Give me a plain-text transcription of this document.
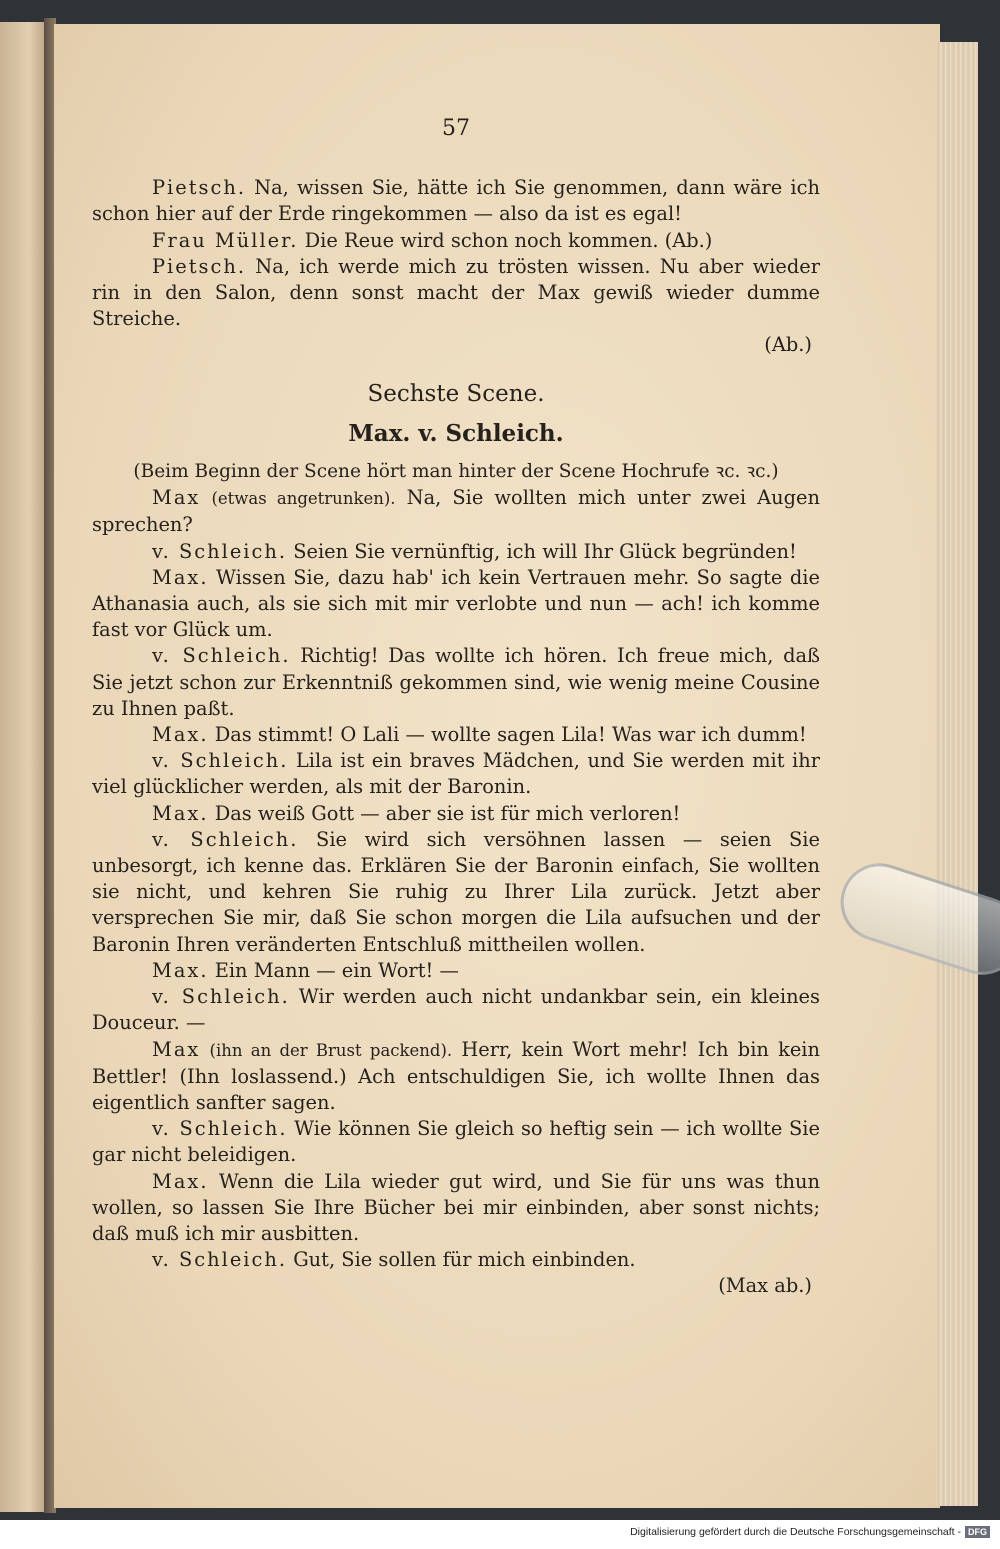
57

Pietsch. Na, wissen Sie, hätte ich Sie genommen, dann wäre ich schon hier auf der Erde ringekommen — also da ist es egal!

Frau Müller. Die Reue wird schon noch kommen. (Ab.)

Pietsch. Na, ich werde mich zu trösten wissen. Nu aber wieder rin in den Salon, denn sonst macht der Max gewiß wieder dumme Streiche.

(Ab.)

Sechste Scene.
Max. v. Schleich.

(Beim Beginn der Scene hört man hinter der Scene Hochrufe ꝛc. ꝛc.)

Max (etwas angetrunken). Na, Sie wollten mich unter zwei Augen sprechen?

v. Schleich. Seien Sie vernünftig, ich will Ihr Glück begründen!

Max. Wissen Sie, dazu hab' ich kein Vertrauen mehr. So sagte die Athanasia auch, als sie sich mit mir verlobte und nun — ach! ich komme fast vor Glück um.

v. Schleich. Richtig! Das wollte ich hören. Ich freue mich, daß Sie jetzt schon zur Erkenntniß gekommen sind, wie wenig meine Cousine zu Ihnen paßt.

Max. Das stimmt! O Lali — wollte sagen Lila! Was war ich dumm!

v. Schleich. Lila ist ein braves Mädchen, und Sie werden mit ihr viel glücklicher werden, als mit der Baronin.

Max. Das weiß Gott — aber sie ist für mich verloren!

v. Schleich. Sie wird sich versöhnen lassen — seien Sie unbesorgt, ich kenne das. Erklären Sie der Baronin einfach, Sie wollten sie nicht, und kehren Sie ruhig zu Ihrer Lila zurück. Jetzt aber versprechen Sie mir, daß Sie schon morgen die Lila aufsuchen und der Baronin Ihren veränderten Entschluß mittheilen wollen.

Max. Ein Mann — ein Wort! —

v. Schleich. Wir werden auch nicht undankbar sein, ein kleines Douceur. —

Max (ihn an der Brust packend). Herr, kein Wort mehr! Ich bin kein Bettler! (Ihn loslassend.) Ach entschuldigen Sie, ich wollte Ihnen das eigentlich sanfter sagen.

v. Schleich. Wie können Sie gleich so heftig sein — ich wollte Sie gar nicht beleidigen.

Max. Wenn die Lila wieder gut wird, und Sie für uns was thun wollen, so lassen Sie Ihre Bücher bei mir einbinden, aber sonst nichts; daß muß ich mir ausbitten.

v. Schleich. Gut, Sie sollen für mich einbinden.

(Max ab.)

Digitalisierung gefördert durch die Deutsche Forschungsgemeinschaft - DFG
